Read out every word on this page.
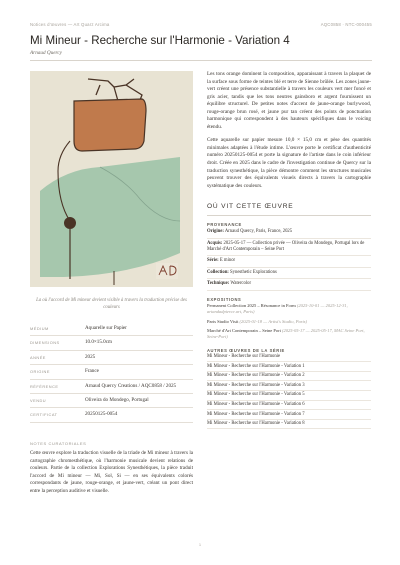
Notices d'œuvres — Art Quarz Arcima	AQC0858 · NTC-000455
Mi Mineur - Recherche sur l'Harmonie - Variation 4
Arnaud Quercy
La où l'accord de Mi mineur devient visible à travers la traduction précise des couleurs
MÉDIUM	Aquarelle sur Papier
DIMENSIONS	10.0×15.0cm
ANNÉE	2025
ORIGINE	France
RÉFÉRENCE	Arnaud Quercy Creations / AQC0858 / 2025
VENDU	Oliveira do Mondego, Portugal
CERTIFICAT	20250125-0054
NOTES CURATORIALES

Cette œuvre explore la traduction visuelle de la triade de Mi mineur à travers la cartographie chromesthétique, où l'harmonie musicale devient relations de couleurs. Partie de la collection Explorations Synesthétiques, la pièce traduit l'accord de Mi mineur — Mi, Sol, Si — en ses équivalents colorés correspondants de jaune, rouge-orange, et jaune-vert, créant un pont direct entre la perception auditive et visuelle.

Les tons orange dominent la composition, apparaissant à travers la plaquet de la surface sous forme de teintes blé et terre de Sienne brûlée. Les zones jaune-vert créent une présence substantielle à travers les couleurs vert mer foncé et gris acier, tandis que les tons neutres gainsboro et argent fournissent un équilibre structurel. De petites notes d'accent de jaune-orange burlywood, rouge-orange brun rosé, et jaune pur tan créent des points de ponctuation harmonique qui correspondent à des hauteurs spécifiques dans le voicing étendu.

Cette aquarelle sur papier mesure 10,0 × 15,0 cm et pèse des quantités minimales adaptées à l'étude intime. L'œuvre porte le certificat d'authenticité numéro 20250125-0054 et porte la signature de l'artiste dans le coin inférieur droit. Créée en 2025 dans le cadre de l'investigation continue de Quercy sur la traduction synesthétique, la pièce démontre comment les structures musicales peuvent trouver des équivalents visuels directs à travers la cartographie systématique des couleurs.

OÙ VIT CETTE ŒUVRE
PROVENANCE
Origine: Arnaud Quercy, Paris, France, 2025
Acquis: 2025-05-17 — Collection privée — Oliveira do Mondego, Portugal lors de Marché d'Art Contemporain – Seine Port
Série: E minor
Collection: Synesthetic Explorations
Technique: Watercolor
EXPOSITIONS
Permanent Collection 2025 – Résonance in Form (2025-10-01 — 2025-12-31, artandadpierce.art, Paris)
Paris Studio Visit (2025-01-18 — Artist's Studio, Paris)
Marché d'Art Contemporain – Seine Port (2025-05-17 — 2025-05-17, MAC Seine Port, Seine-Port)
AUTRES ŒUVRES DE LA SÉRIE
Mi Mineur - Recherche sur l'Harmonie
Mi Mineur - Recherche sur l'Harmonie - Variation 1
Mi Mineur - Recherche sur l'Harmonie - Variation 2
Mi Mineur - Recherche sur l'Harmonie - Variation 3
Mi Mineur - Recherche sur l'Harmonie - Variation 5
Mi Mineur - Recherche sur l'Harmonie - Variation 6
Mi Mineur - Recherche sur l'Harmonie - Variation 7
Mi Mineur - Recherche sur l'Harmonie - Variation 8
1
